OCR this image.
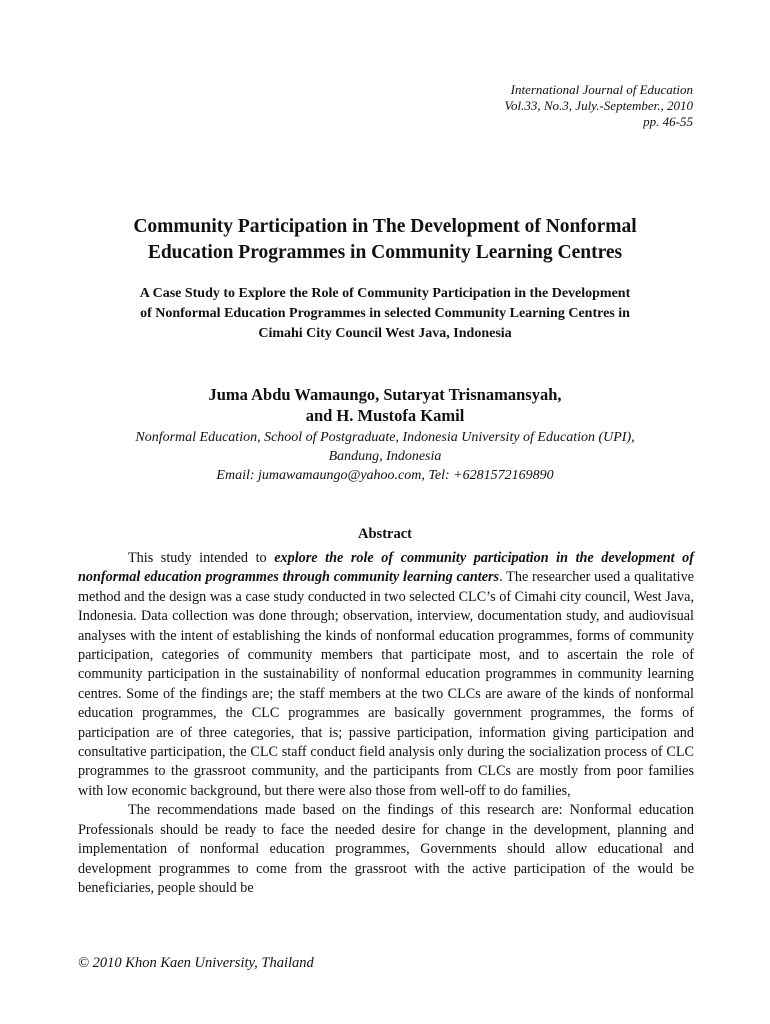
International Journal of Education
Vol.33, No.3, July.-September., 2010
pp. 46-55
Community Participation in The Development of Nonformal
Education Programmes in Community Learning Centres
A Case Study to Explore the Role of Community Participation in the Development
of Nonformal Education Programmes in selected Community Learning Centres in
Cimahi City Council West Java, Indonesia
Juma Abdu Wamaungo, Sutaryat Trisnamansyah,
and H. Mustofa Kamil
Nonformal Education, School of Postgraduate, Indonesia University of Education (UPI),
Bandung, Indonesia
Email: jumawamaungo@yahoo.com, Tel: +6281572169890
Abstract

This study intended to explore the role of community participation in the development of nonformal education programmes through community learning canters. The researcher used a qualitative method and the design was a case study conducted in two selected CLC’s of Cimahi city council, West Java, Indonesia. Data collection was done through; observation, interview, documentation study, and audiovisual analyses with the intent of establishing the kinds of nonformal education programmes, forms of community participation, categories of community members that participate most, and to ascertain the role of community participation in the sustainability of nonformal education programmes in community learning centres. Some of the findings are; the staff members at the two CLCs are aware of the kinds of nonformal education programmes, the CLC programmes are basically government programmes, the forms of participation are of three categories, that is; passive participation, information giving participation and consultative participation, the CLC staff conduct field analysis only during the socialization process of CLC programmes to the grassroot community, and the participants from CLCs are mostly from poor families with low economic background, but there were also those from well-off to do families,

The recommendations made based on the findings of this research are: Nonformal education Professionals should be ready to face the needed desire for change in the development, planning and implementation of nonformal education programmes, Governments should allow educational and development programmes to come from the grassroot with the active participation of the would be beneficiaries, people should be

© 2010 Khon Kaen University, Thailand
